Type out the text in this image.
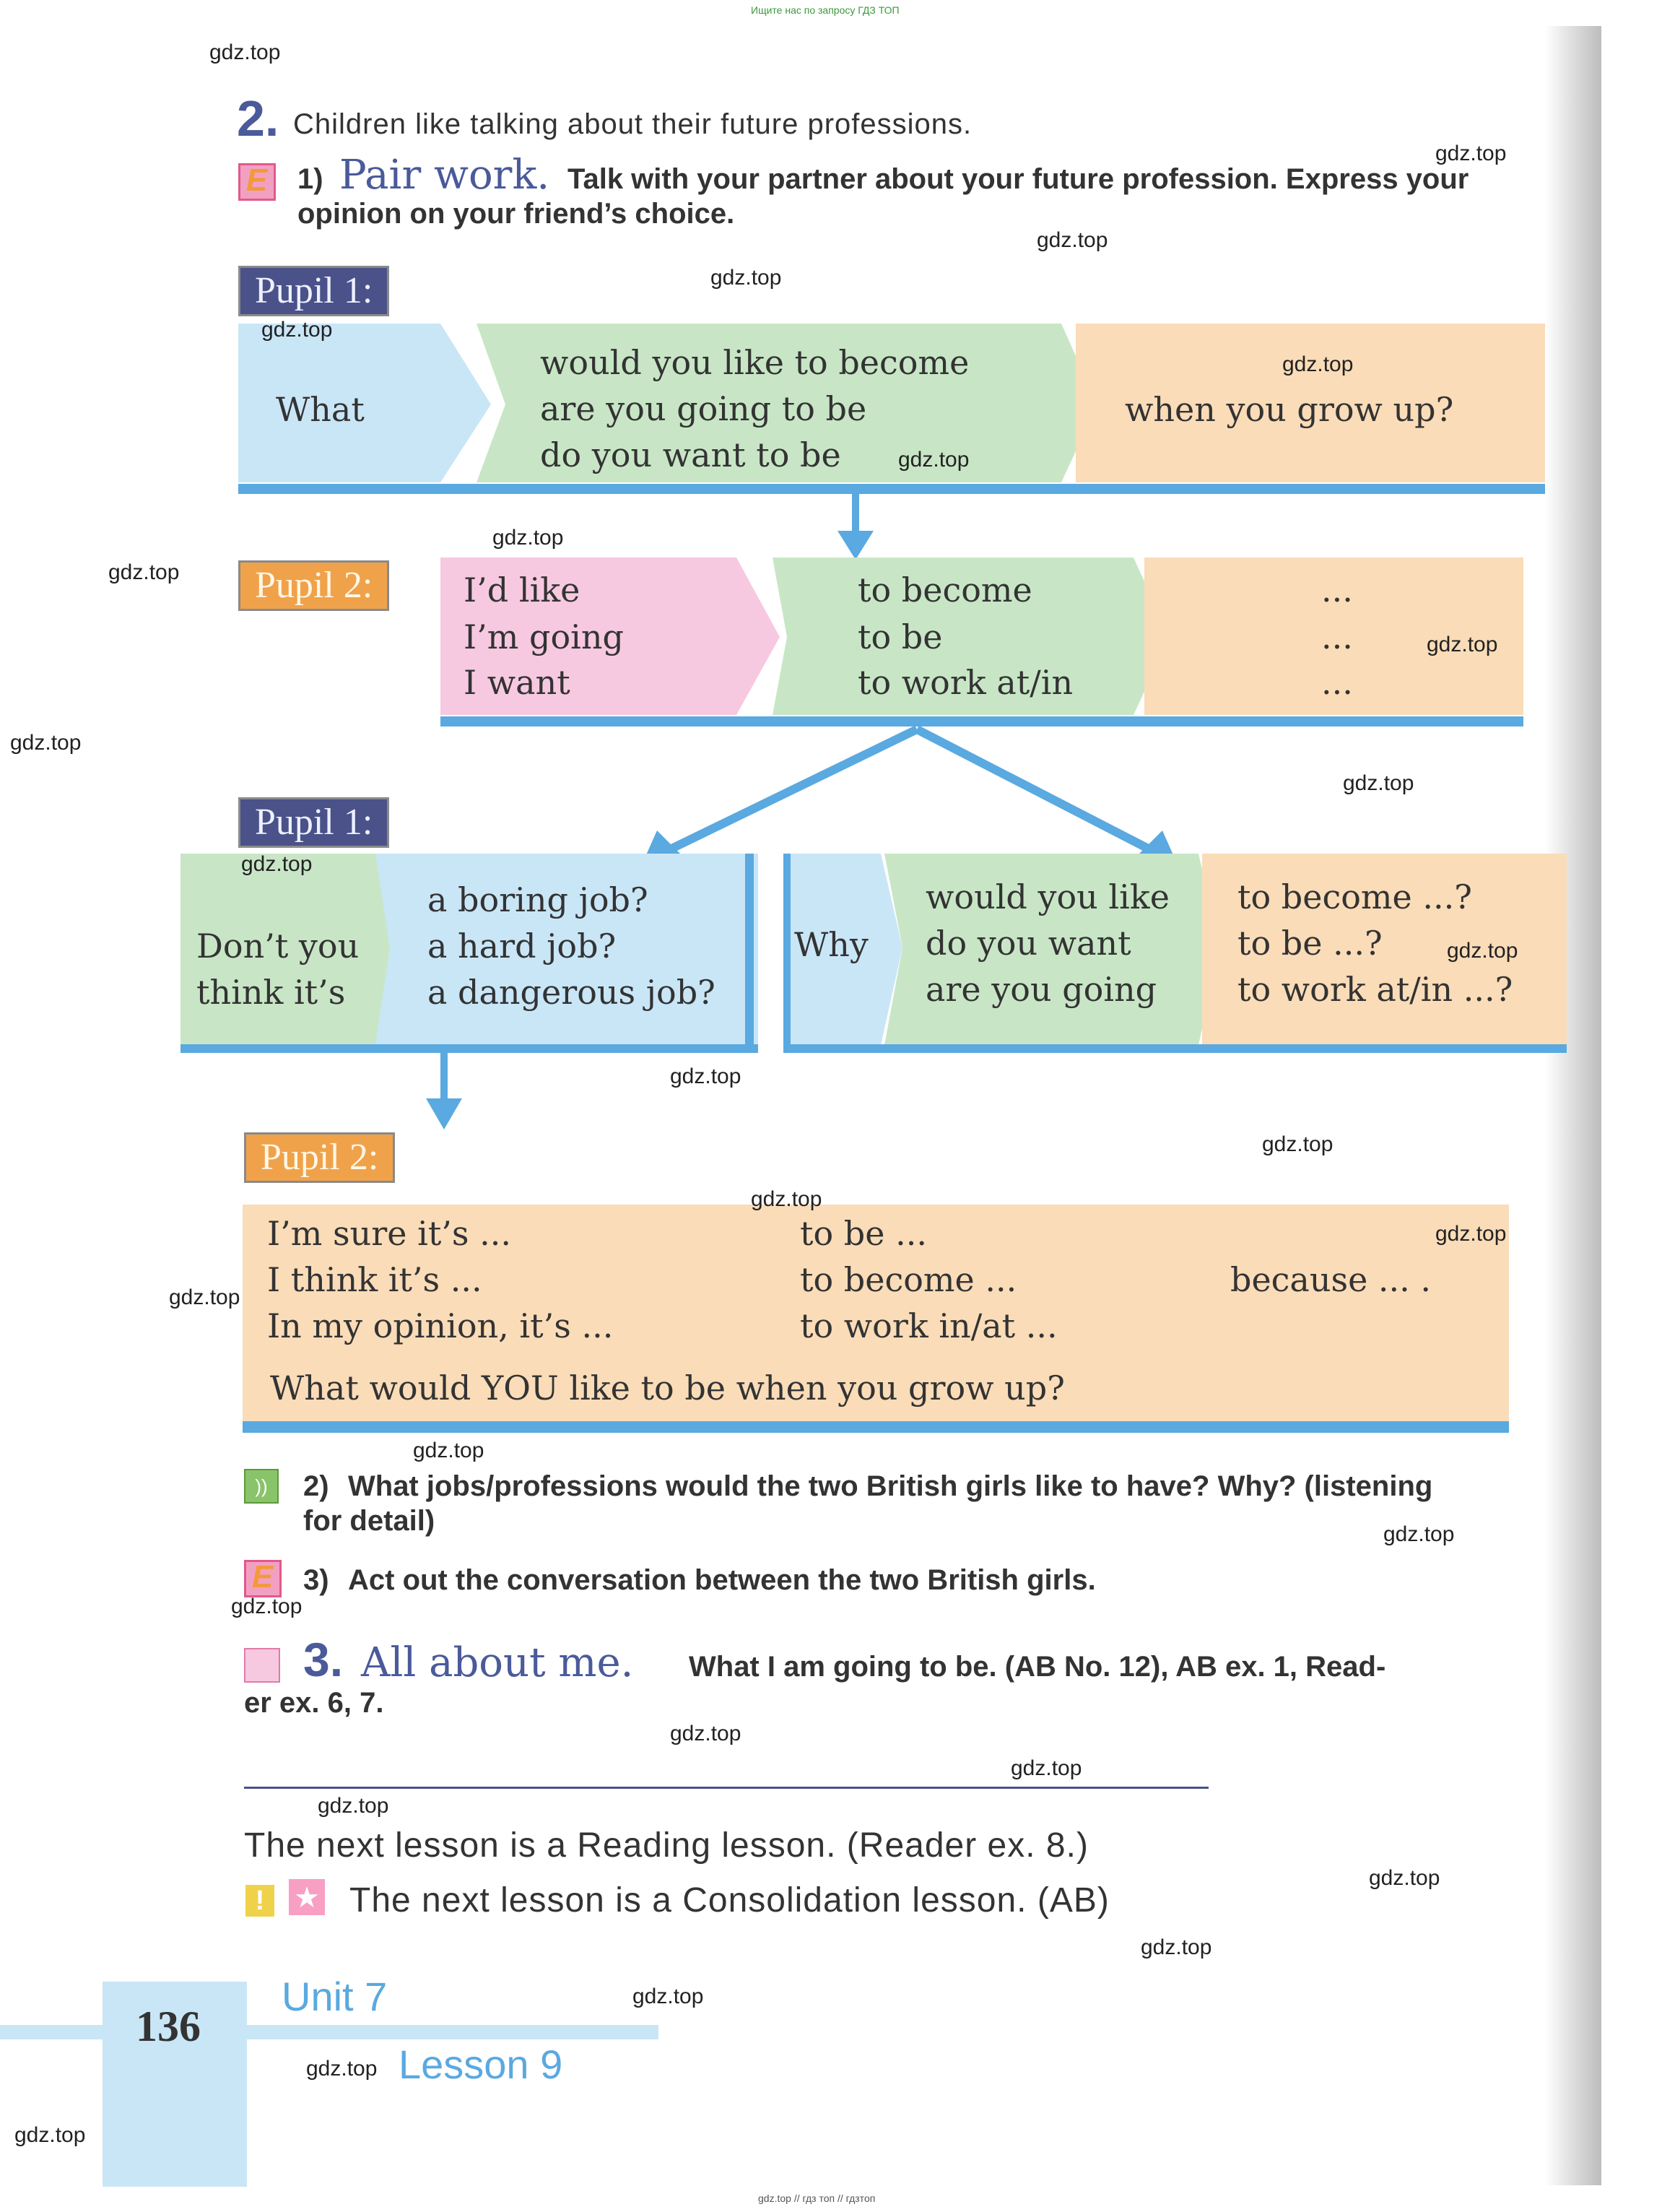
Ищите нас по запросу ГДЗ ТОП
gdz.top // гдз топ // гдзтоп
2. Children like talking about their future professions.
E
1) Pair work. Talk with your partner about your future profession. Express your
opinion on your friend’s choice.
Pupil 1:
What
would you like to become
are you going to be
do you want to be
when you grow up?
Pupil 2:	I’d like
I’m going
I want
to become
to be
to work at/in
...
...
...
Pupil 1:
Don’t you
think it’s
a boring job?
a hard job?
a dangerous job?
Why
would you like
do you want
are you going
to become ...?
to be ...?
to work at/in ...?
Pupil 2:
I’m sure it’s ...
I think it’s ...
In my opinion, it’s ...
to be ...
to become ...
to work in/at ...
because ... .
What would YOU like to be when you grow up?
))	2) What jobs/professions would the two British girls like to have? Why? (listening
for detail)
E
3) Act out the conversation between the two British girls.
3. All about me. What I am going to be. (AB No. 12), AB ex. 1, Read-
er ex. 6, 7.
The next lesson is a Reading lesson. (Reader ex. 8.)
!	★ The next lesson is a Consolidation lesson. (AB)
136
Unit 7
Lesson 9
gdz.top
gdz.top
gdz.top
gdz.top
gdz.top
gdz.top
gdz.top
gdz.top
gdz.top
gdz.top
gdz.top
gdz.top
gdz.top
gdz.top
gdz.top
gdz.top
gdz.top
gdz.top
gdz.top
gdz.top
gdz.top
gdz.top
gdz.top
gdz.top
gdz.top
gdz.top
gdz.top
gdz.top
gdz.top
gdz.top
